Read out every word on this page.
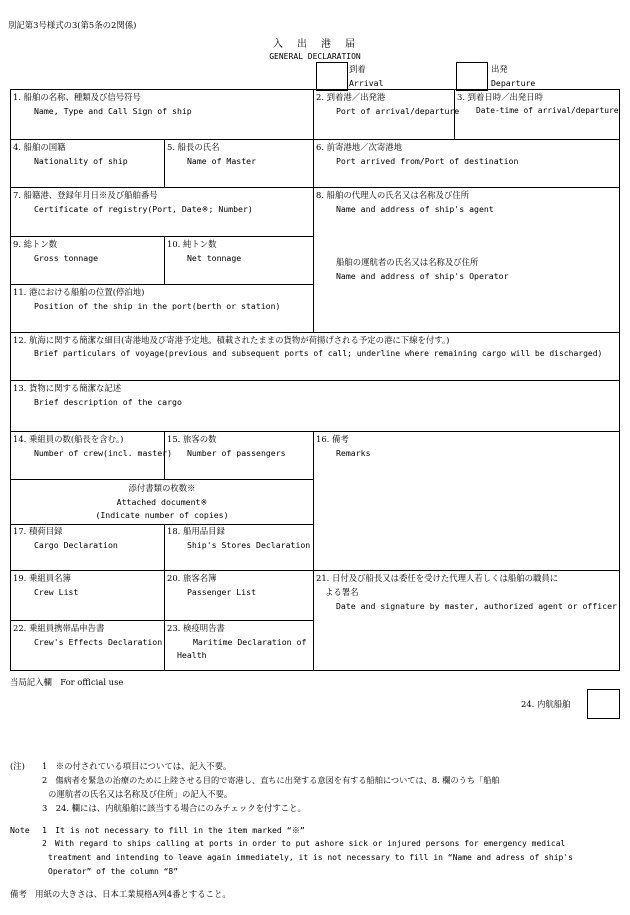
別記第3号様式の3(第5条の2関係)
入　出　港　届
GENERAL DECLARATION
到着
Arrival
出発
Departure
1. 船舶の名称、種類及び信号符号
Name, Type and Call Sign of ship
2. 到着港／出発港
Port of arrival/departure
3. 到着日時／出発日時
Date-time of arrival/departure
4. 船舶の国籍
Nationality of ship
5. 船長の氏名
Name of Master
6. 前寄港地／次寄港地
Port arrived from/Port of destination
7. 船籍港、登録年月日※及び船舶番号
Certificate of registry(Port, Date※; Number)
8. 船舶の代理人の氏名又は名称及び住所
Name and address of ship's agent
船舶の運航者の氏名又は名称及び住所
Name and address of ship's Operator
9. 総トン数
Gross tonnage
10. 純トン数
Net tonnage
11. 港における船舶の位置(停泊地)
Position of the ship in the port(berth or station)
12. 航海に関する簡潔な細目(寄港地及び寄港予定地。積載されたままの貨物が荷揚げされる予定の港に下線を付す。)
Brief particulars of voyage(previous and subsequent ports of call; underline where remaining cargo will be discharged)
13. 貨物に関する簡潔な記述
Brief description of the cargo
14. 乗組員の数(船長を含む。)
Number of crew(incl. master)
15. 旅客の数
Number of passengers
16. 備考
Remarks
添付書類の枚数※
Attached document※
(Indicate number of copies)
17. 積荷目録
Cargo Declaration
18. 船用品目録
Ship's Stores Declaration
19. 乗組員名簿
Crew List
20. 旅客名簿
Passenger List
21. 日付及び船長又は委任を受けた代理人若しくは船舶の職員に
よる署名
Date and signature by master, authorized agent or officer
22. 乗組員携帯品申告書
Crew's Effects Declaration
23. 検疫明告書
Maritime Declaration of
Health
当局記入欄　For official use
24. 内航船舶
(注) 1　※の付されている項目については、記入不要。
2　傷病者を緊急の治療のために上陸させる目的で寄港し、直ちに出発する意図を有する船舶については、8. 欄のうち「船舶
の運航者の氏名又は名称及び住所」の記入不要。
3　24. 欄には、内航船舶に該当する場合にのみチェックを付すこと。
Note 1　It is not necessary to fill in the item marked “※”
2　With regard to ships calling at ports in order to put ashore sick or injured persons for emergency medical
treatment and intending to leave again immediately, it is not necessary to fill in “Name and adress of ship's
Operator” of the column “8”
備考　用紙の大きさは、日本工業規格A列4番とすること。
